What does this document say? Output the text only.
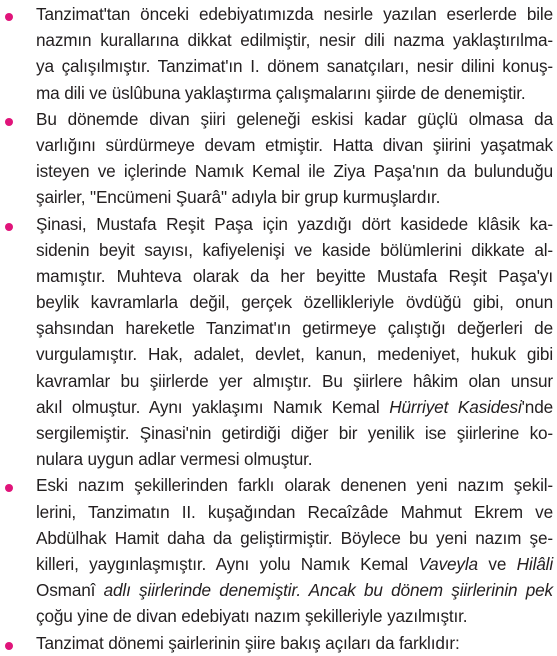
Tanzimat'tan önceki edebiyatımızda nesirle yazılan eserlerde bile
nazmın kurallarına dikkat edilmiştir, nesir dili nazma yaklaştırılma-
ya çalışılmıştır. Tanzimat'ın I. dönem sanatçıları, nesir dilini konuş-
ma dili ve üslûbuna yaklaştırma çalışmalarını şiirde de denemiştir.
Bu dönemde divan şiiri geleneği eskisi kadar güçlü olmasa da
varlığını sürdürmeye devam etmiştir. Hatta divan şiirini yaşatmak
isteyen ve içlerinde Namık Kemal ile Ziya Paşa'nın da bulunduğu
şairler, "Encümeni Şuarâ" adıyla bir grup kurmuşlardır.
Şinasi, Mustafa Reşit Paşa için yazdığı dört kasidede klâsik ka-
sidenin beyit sayısı, kafiyelenişi ve kaside bölümlerini dikkate al-
mamıştır. Muhteva olarak da her beyitte Mustafa Reşit Paşa'yı
beylik kavramlarla değil, gerçek özellikleriyle övdüğü gibi, onun
şahsından hareketle Tanzimat'ın getirmeye çalıştığı değerleri de
vurgulamıştır. Hak, adalet, devlet, kanun, medeniyet, hukuk gibi
kavramlar bu şiirlerde yer almıştır. Bu şiirlere hâkim olan unsur
akıl olmuştur. Aynı yaklaşımı Namık Kemal Hürriyet Kasidesi'nde
sergilemiştir. Şinasi'nin getirdiği diğer bir yenilik ise şiirlerine ko-
nulara uygun adlar vermesi olmuştur.
Eski nazım şekillerinden farklı olarak denenen yeni nazım şekil-
lerini, Tanzimatın II. kuşağından Recaîzâde Mahmut Ekrem ve
Abdülhak Hamit daha da geliştirmiştir. Böylece bu yeni nazım şe-
killeri, yaygınlaşmıştır. Aynı yolu Namık Kemal Vaveyla ve Hilâli
Osmanî adlı şiirlerinde denemiştir. Ancak bu dönem şiirlerinin pek
çoğu yine de divan edebiyatı nazım şekilleriyle yazılmıştır.
Tanzimat dönemi şairlerinin şiire bakış açıları da farklıdır:
